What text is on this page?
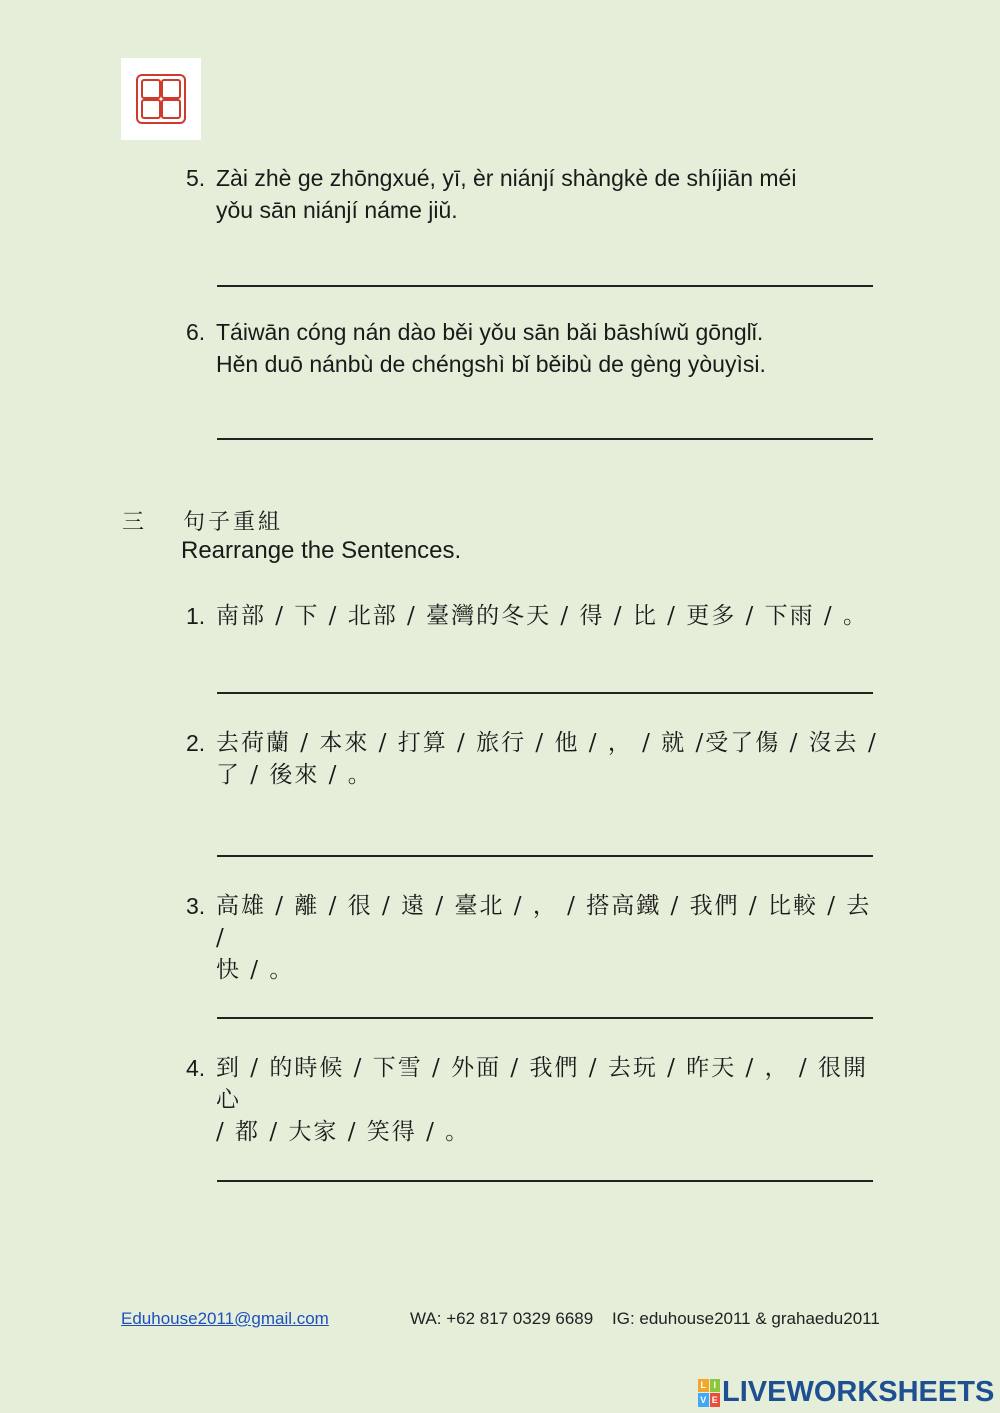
5. Zài zhè ge zhōngxué, yī, èr niánjí shàngkè de shíjiān méi
yǒu sān niánjí náme jiǔ.
6. Táiwān cóng nán dào běi yǒu sān bǎi bāshíwǔ gōnglǐ.
Hěn duō nánbù de chéngshì bǐ běibù de gèng yòuyìsi.
三 句子重組
Rearrange the Sentences.
1. 南部 / 下 / 北部 / 臺灣的冬天 / 得 / 比 / 更多 / 下雨 / 。
2. 去荷蘭 / 本來 / 打算 / 旅行 / 他 / ， / 就 /受了傷 / 沒去 /
了 / 後來 / 。
3. 高雄 / 離 / 很 / 遠 / 臺北 / ， / 搭高鐵 / 我們 / 比較 / 去 /
快 / 。
4. 到 / 的時候 / 下雪 / 外面 / 我們 / 去玩 / 昨天 / ， / 很開心
/ 都 / 大家 / 笑得 / 。
Eduhouse2011@gmail.com	WA: +62 817 0329 6689 IG: eduhouse2011 & grahaedu2011
L I
V E LIVEWORKSHEETS
